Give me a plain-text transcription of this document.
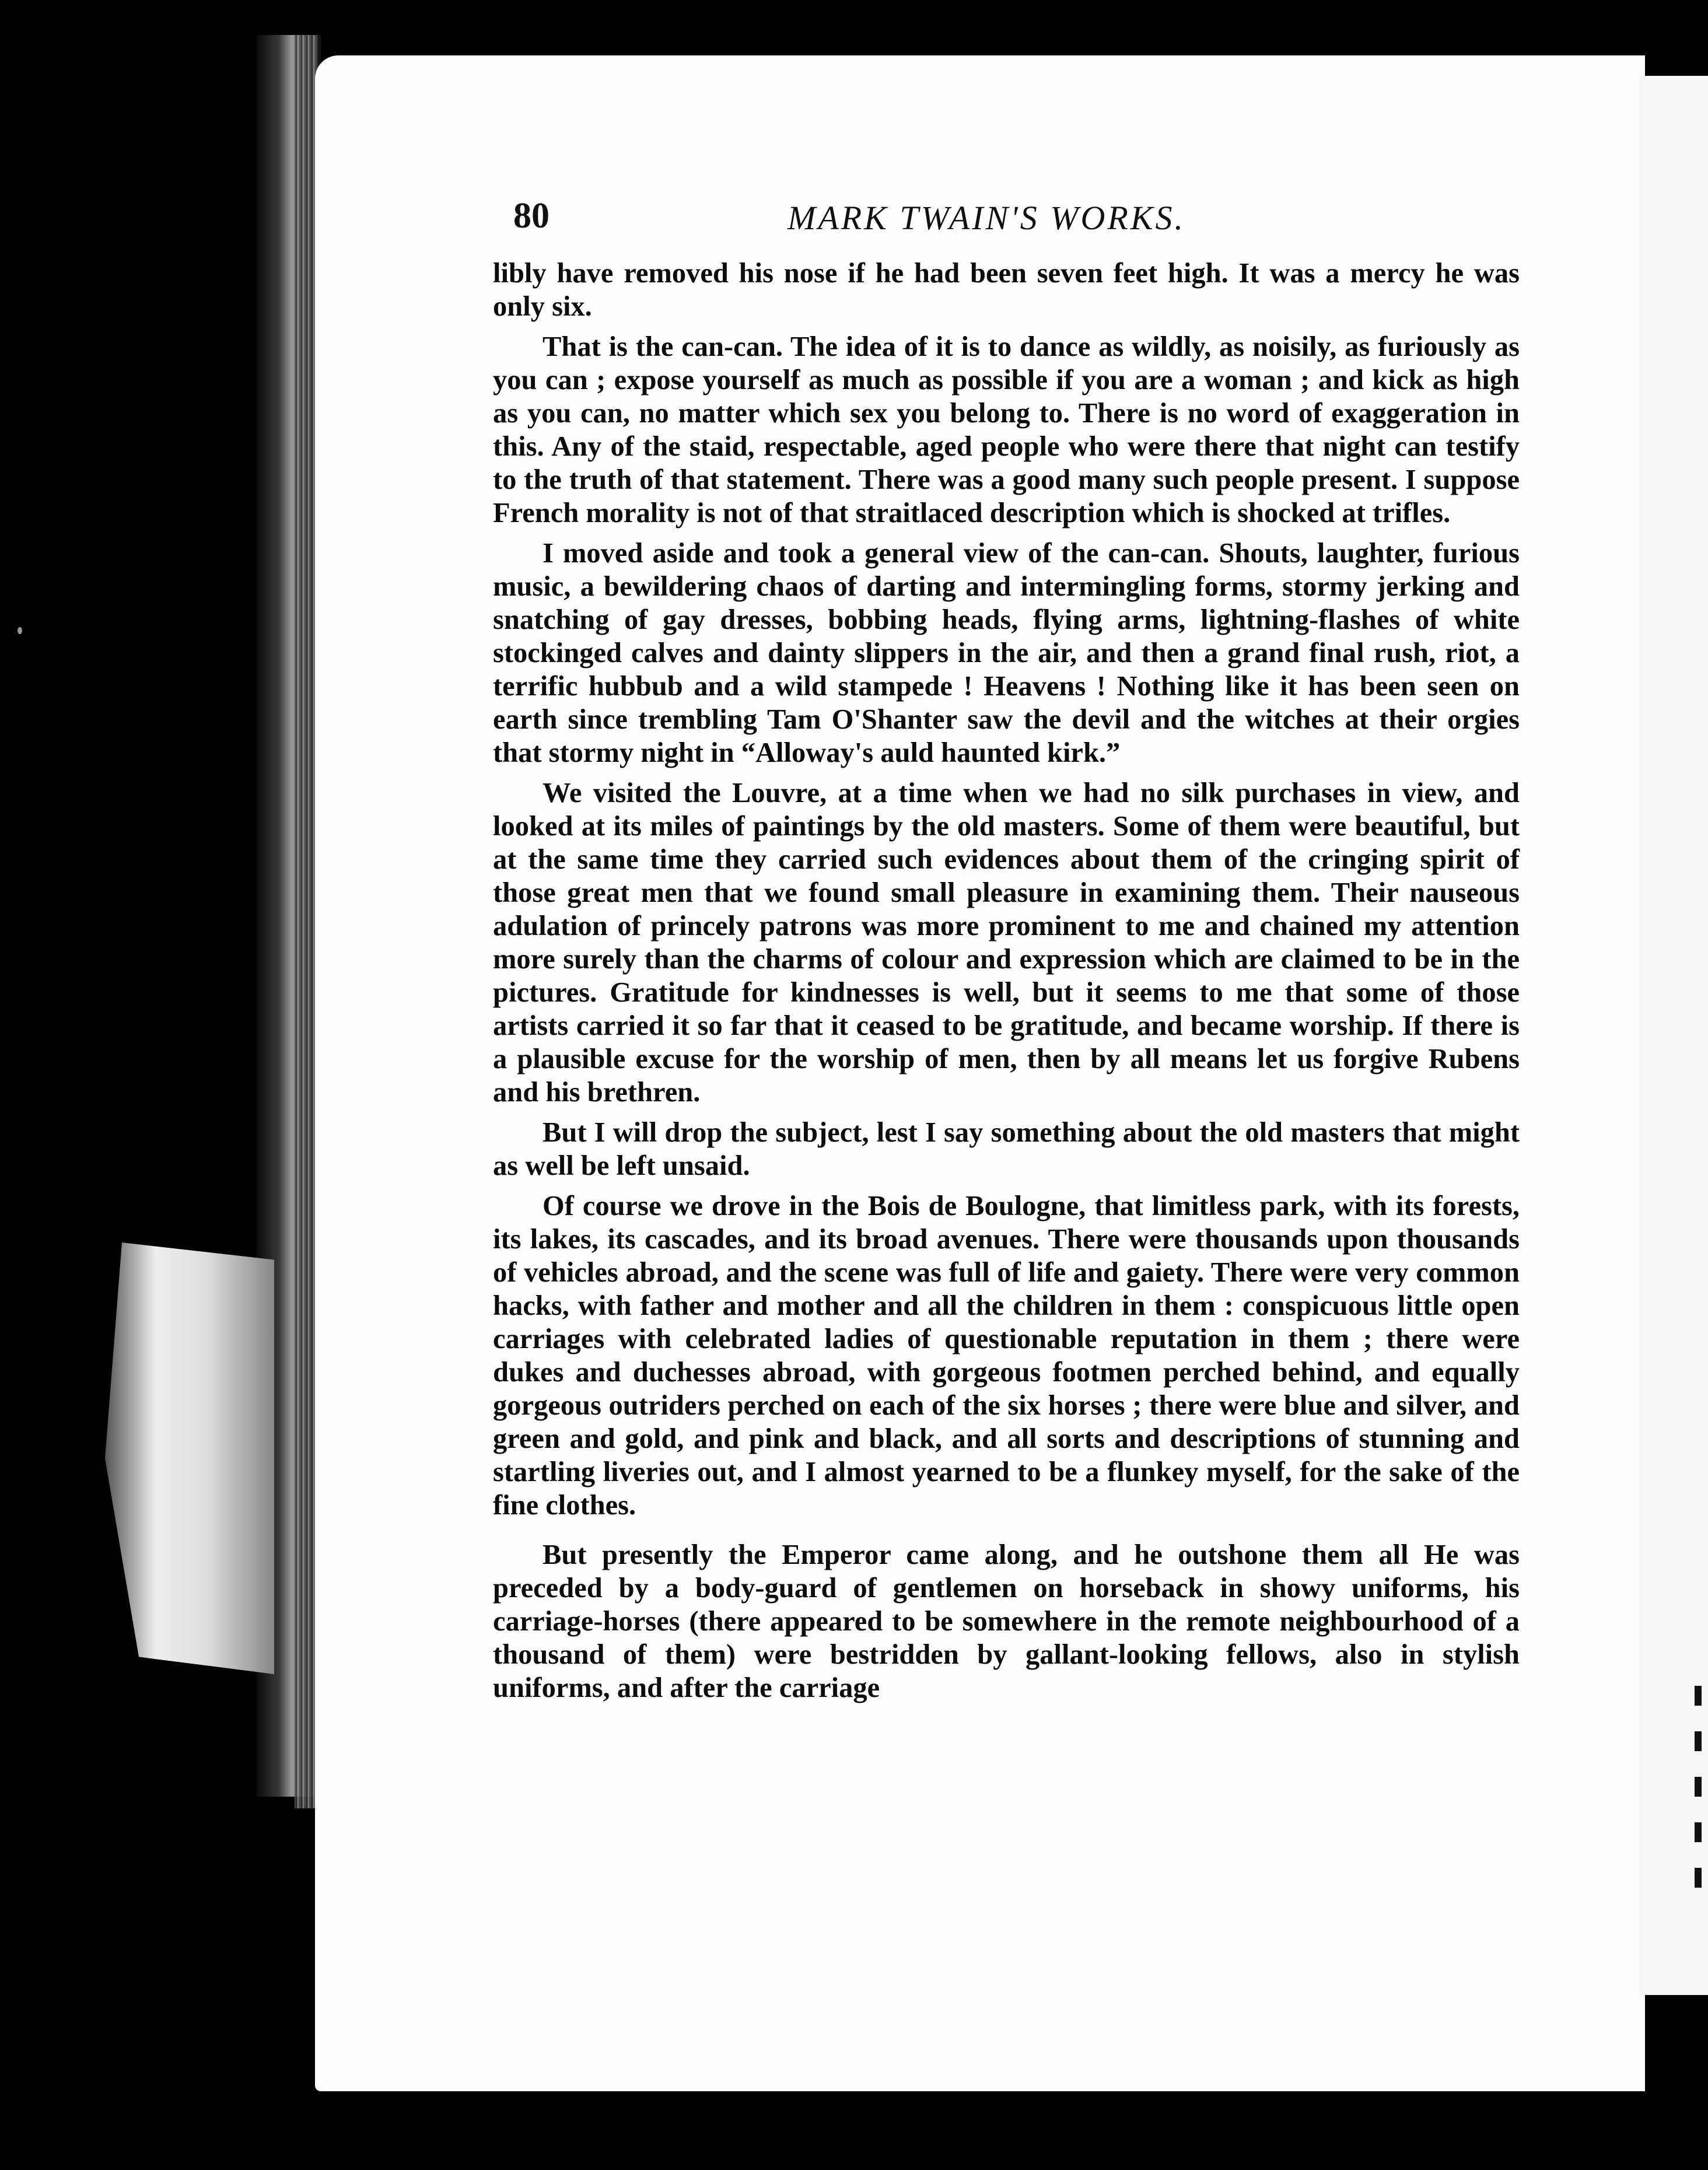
80	MARK TWAIN'S WORKS.

libly have removed his nose if he had been seven feet high. It was a mercy he was only six.

That is the can-can. The idea of it is to dance as wildly, as noisily, as furiously as you can ; expose yourself as much as possible if you are a woman ; and kick as high as you can, no matter which sex you belong to. There is no word of exaggeration in this. Any of the staid, respectable, aged people who were there that night can testify to the truth of that statement. There was a good many such people present. I suppose French morality is not of that straitlaced description which is shocked at trifles.

I moved aside and took a general view of the can-can. Shouts, laughter, furious music, a bewildering chaos of darting and intermingling forms, stormy jerking and snatching of gay dresses, bobbing heads, flying arms, lightning-flashes of white stockinged calves and dainty slippers in the air, and then a grand final rush, riot, a terrific hubbub and a wild stampede ! Heavens ! Nothing like it has been seen on earth since trembling Tam O'Shanter saw the devil and the witches at their orgies that stormy night in “Alloway's auld haunted kirk.”

We visited the Louvre, at a time when we had no silk purchases in view, and looked at its miles of paintings by the old masters. Some of them were beautiful, but at the same time they carried such evidences about them of the cringing spirit of those great men that we found small pleasure in examining them. Their nauseous adulation of princely patrons was more prominent to me and chained my attention more surely than the charms of colour and expression which are claimed to be in the pictures. Gratitude for kindnesses is well, but it seems to me that some of those artists carried it so far that it ceased to be gratitude, and became worship. If there is a plausible excuse for the worship of men, then by all means let us forgive Rubens and his brethren.

But I will drop the subject, lest I say something about the old masters that might as well be left unsaid.

Of course we drove in the Bois de Boulogne, that limitless park, with its forests, its lakes, its cascades, and its broad avenues. There were thousands upon thousands of vehicles abroad, and the scene was full of life and gaiety. There were very common hacks, with father and mother and all the children in them : conspicuous little open carriages with celebrated ladies of questionable reputation in them ; there were dukes and duchesses abroad, with gorgeous footmen perched behind, and equally gorgeous outriders perched on each of the six horses ; there were blue and silver, and green and gold, and pink and black, and all sorts and descriptions of stunning and startling liveries out, and I almost yearned to be a flunkey myself, for the sake of the fine clothes.

But presently the Emperor came along, and he outshone them all He was preceded by a body-guard of gentlemen on horseback in showy uniforms, his carriage-horses (there appeared to be somewhere in the remote neighbourhood of a thousand of them) were bestridden by gallant-looking fellows, also in stylish uniforms, and after the carriage
